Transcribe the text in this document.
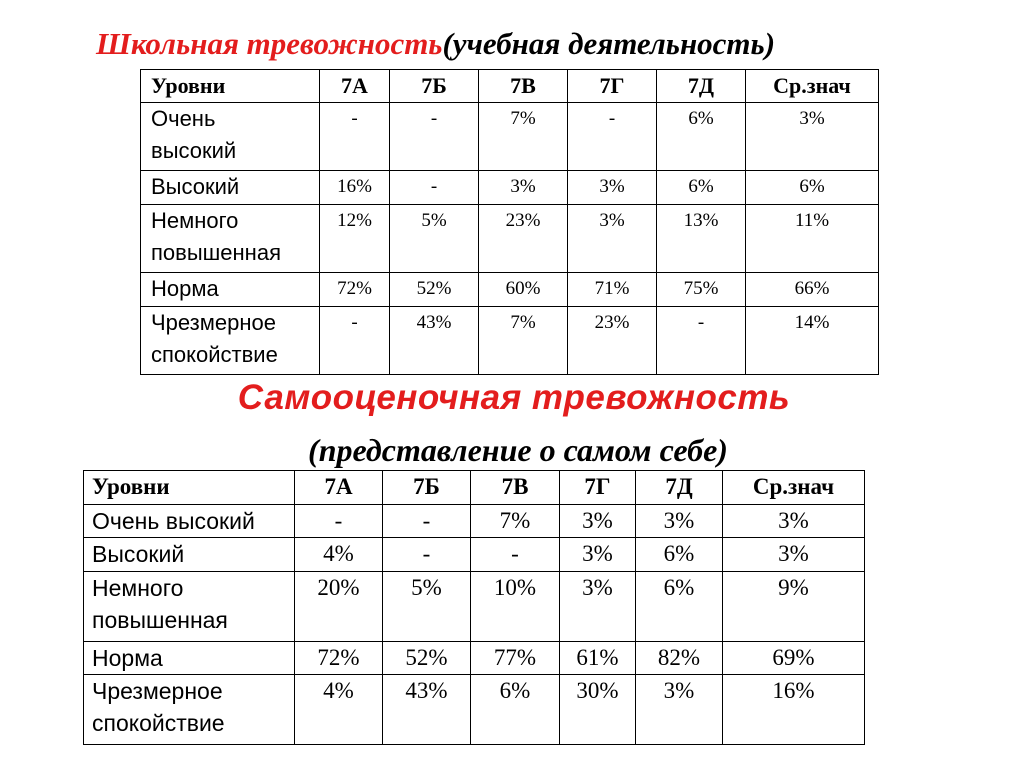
Школьная тревожность(учебная деятельность)
Уровни	7А	7Б	7В	7Г	7Д	Ср.знач

Очень
высокий	-	-	7%	-	6%	3%

Высокий	16%	-	3%	3%	6%	6%

Немного
повышенная	12%	5%	23%	3%	13%	11%

Норма	72%	52%	60%	71%	75%	66%

Чрезмерное
спокойствие	-	43%	7%	23%	-	14%
Самооценочная тревожность
(представление о самом себе)
Уровни	7А	7Б	7В	7Г	7Д	Ср.знач

Очень высокий	-	-	7%	3%	3%	3%

Высокий	4%	-	-	3%	6%	3%

Немного
повышенная	20%	5%	10%	3%	6%	9%

Норма	72%	52%	77%	61%	82%	69%

Чрезмерное
спокойствие	4%	43%	6%	30%	3%	16%
